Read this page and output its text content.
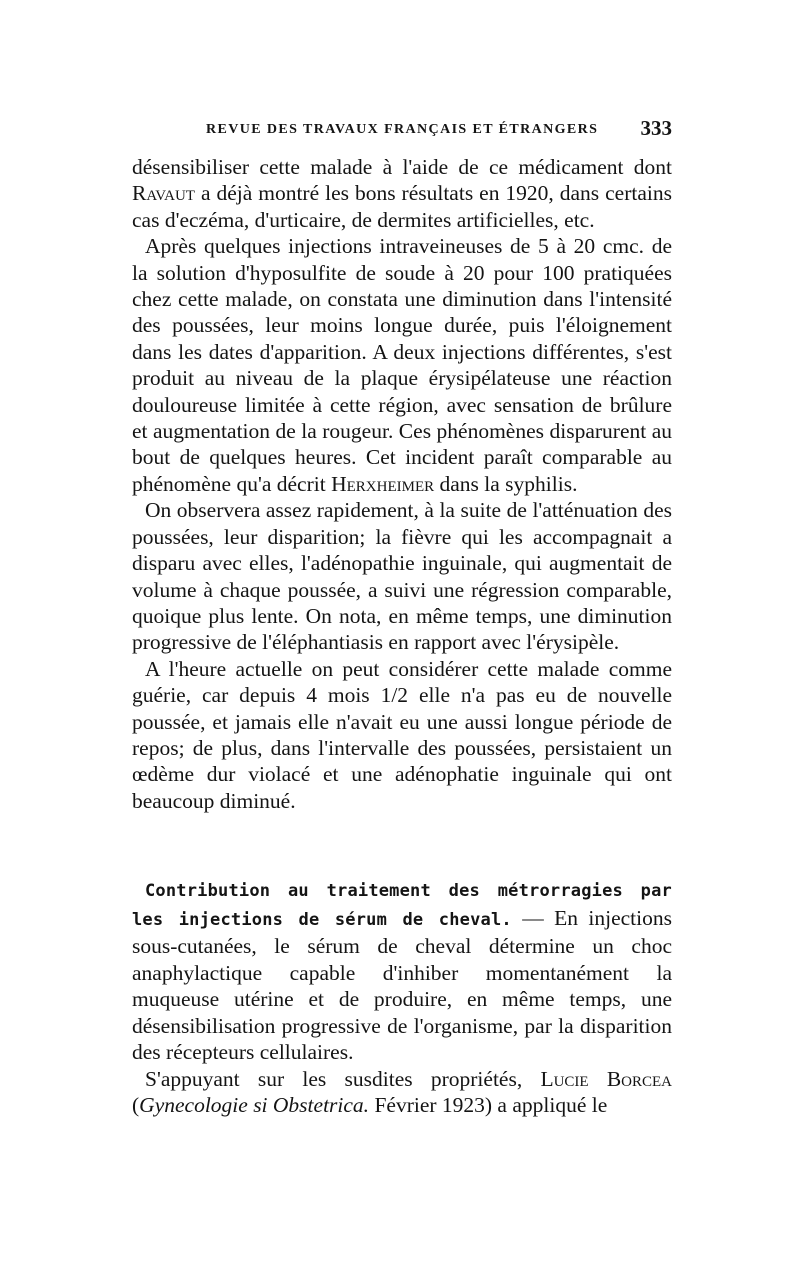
REVUE DES TRAVAUX FRANÇAIS ET ÉTRANGERS 333

désensibiliser cette malade à l'aide de ce médicament dont Ravaut a déjà montré les bons résultats en 1920, dans certains cas d'eczéma, d'urticaire, de dermites artificielles, etc.

Après quelques injections intraveineuses de 5 à 20 cmc. de la solution d'hyposulfite de soude à 20 pour 100 pratiquées chez cette malade, on constata une diminution dans l'intensité des poussées, leur moins longue durée, puis l'éloignement dans les dates d'apparition. A deux injections différentes, s'est produit au niveau de la plaque érysipélateuse une réaction douloureuse limitée à cette région, avec sensation de brûlure et augmentation de la rougeur. Ces phénomènes disparurent au bout de quelques heures. Cet incident paraît comparable au phénomène qu'a décrit Herxheimer dans la syphilis.

On observera assez rapidement, à la suite de l'atténuation des poussées, leur disparition; la fièvre qui les accompagnait a disparu avec elles, l'adénopathie inguinale, qui augmentait de volume à chaque poussée, a suivi une régression comparable, quoique plus lente. On nota, en même temps, une diminution progressive de l'éléphantiasis en rapport avec l'érysipèle.

A l'heure actuelle on peut considérer cette malade comme guérie, car depuis 4 mois 1/2 elle n'a pas eu de nouvelle poussée, et jamais elle n'avait eu une aussi longue période de repos; de plus, dans l'intervalle des poussées, persistaient un œdème dur violacé et une adénophatie inguinale qui ont beaucoup diminué.

Contribution au traitement des métrorragies par les injections de sérum de cheval. — En injections sous-cutanées, le sérum de cheval détermine un choc anaphylactique capable d'inhiber momentanément la muqueuse utérine et de produire, en même temps, une désensibilisation progressive de l'organisme, par la disparition des récepteurs cellulaires.

S'appuyant sur les susdites propriétés, Lucie Borcea (Gynecologie si Obstetrica. Février 1923) a appliqué le
